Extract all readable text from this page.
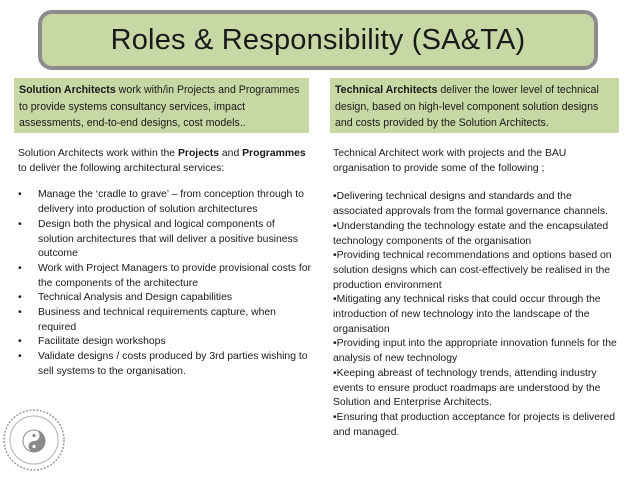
Roles & Responsibility (SA&TA)
Solution Architects work with/in Projects and Programmes to provide systems consultancy services, impact assessments, end-to-end designs, cost models..
Technical Architects deliver the lower level of technical design, based on high-level component solution designs and costs provided by the Solution Architects.

Solution Architects work within the Projects and Programmes to deliver the following architectural services:

• Manage the ‘cradle to grave’ – from conception through to delivery into production of solution architectures
• Design both the physical and logical components of solution architectures that will deliver a positive business outcome
• Work with Project Managers to provide provisional costs for the components of the architecture
• Technical Analysis and Design capabilities
• Business and technical requirements capture, when required
• Facilitate design workshops
• Validate designs / costs produced by 3rd parties wishing to sell systems to the organisation.

Technical Architect work with projects and the BAU organisation to provide some of the following ;

•Delivering technical designs and standards and the associated approvals from the formal governance channels.

•Understanding the technology estate and the encapsulated technology components of the organisation

•Providing technical recommendations and options based on solution designs which can cost-effectively be realised in the production environment

•Mitigating any technical risks that could occur through the introduction of new technology into the landscape of the organisation

•Providing input into the appropriate innovation funnels for the analysis of new technology

•Keeping abreast of technology trends, attending industry events to ensure product roadmaps are understood by the Solution and Enterprise Architects.

•Ensuring that production acceptance for projects is delivered and managed.
